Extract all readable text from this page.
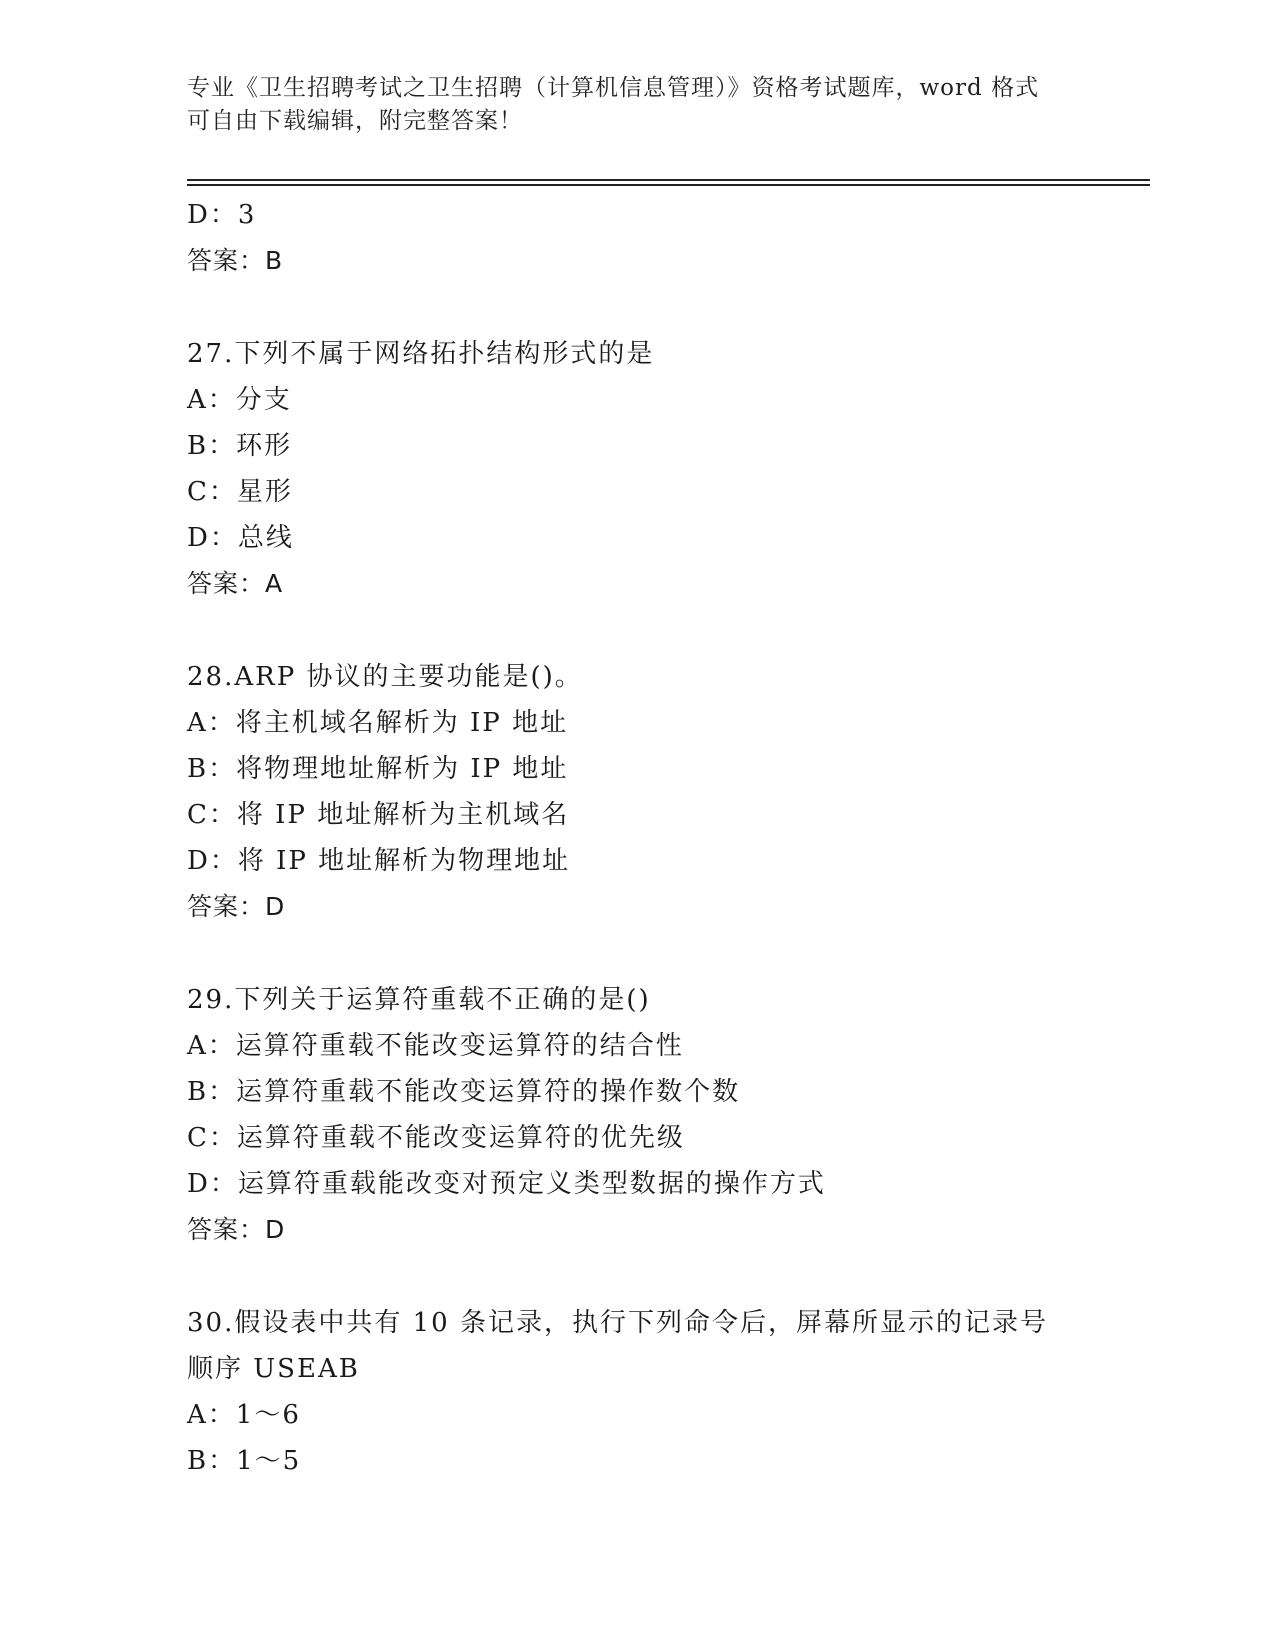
专业《卫生招聘考试之卫生招聘（计算机信息管理）》资格考试题库，word 格式
可自由下载编辑，附完整答案！
D：3
答案：B
27.下列不属于网络拓扑结构形式的是
A：分支
B：环形
C：星形
D：总线
答案：A
28.ARP 协议的主要功能是()。
A：将主机域名解析为 IP 地址
B：将物理地址解析为 IP 地址
C：将 IP 地址解析为主机域名
D：将 IP 地址解析为物理地址
答案：D
29.下列关于运算符重载不正确的是()
A：运算符重载不能改变运算符的结合性
B：运算符重载不能改变运算符的操作数个数
C：运算符重载不能改变运算符的优先级
D：运算符重载能改变对预定义类型数据的操作方式
答案：D
30.假设表中共有 10 条记录，执行下列命令后，屏幕所显示的记录号
顺序 USEAB
A：1～6
B：1～5
